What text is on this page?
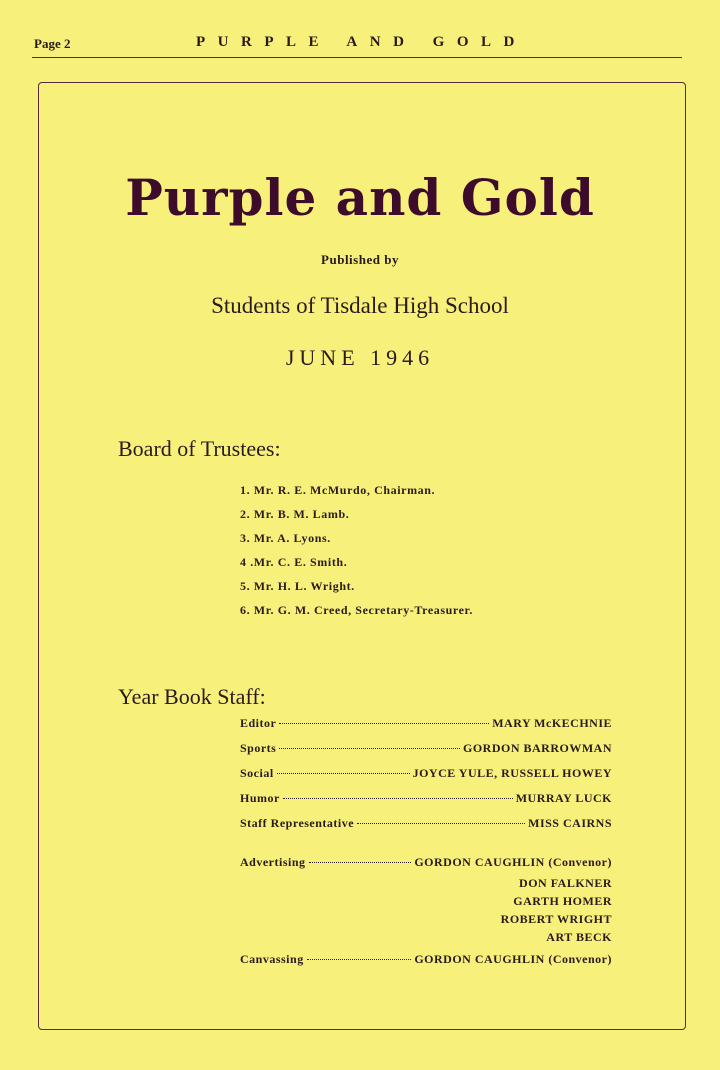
Page 2	PURPLE AND GOLD
Purple and Gold
Published by
Students of Tisdale High School
JUNE 1946
Board of Trustees:
1. Mr. R. E. McMurdo, Chairman.
2. Mr. B. M. Lamb.
3. Mr. A. Lyons.
4 .Mr. C. E. Smith.
5. Mr. H. L. Wright.
6. Mr. G. M. Creed, Secretary-Treasurer.
Year Book Staff:
Editor	MARY McKECHNIE
Sports	GORDON BARROWMAN
Social	JOYCE YULE, RUSSELL HOWEY
Humor	MURRAY LUCK
Staff Representative	MISS CAIRNS
Advertising	GORDON CAUGHLIN (Convenor)
DON FALKNER
GARTH HOMER
ROBERT WRIGHT
ART BECK
Canvassing	GORDON CAUGHLIN (Convenor)
